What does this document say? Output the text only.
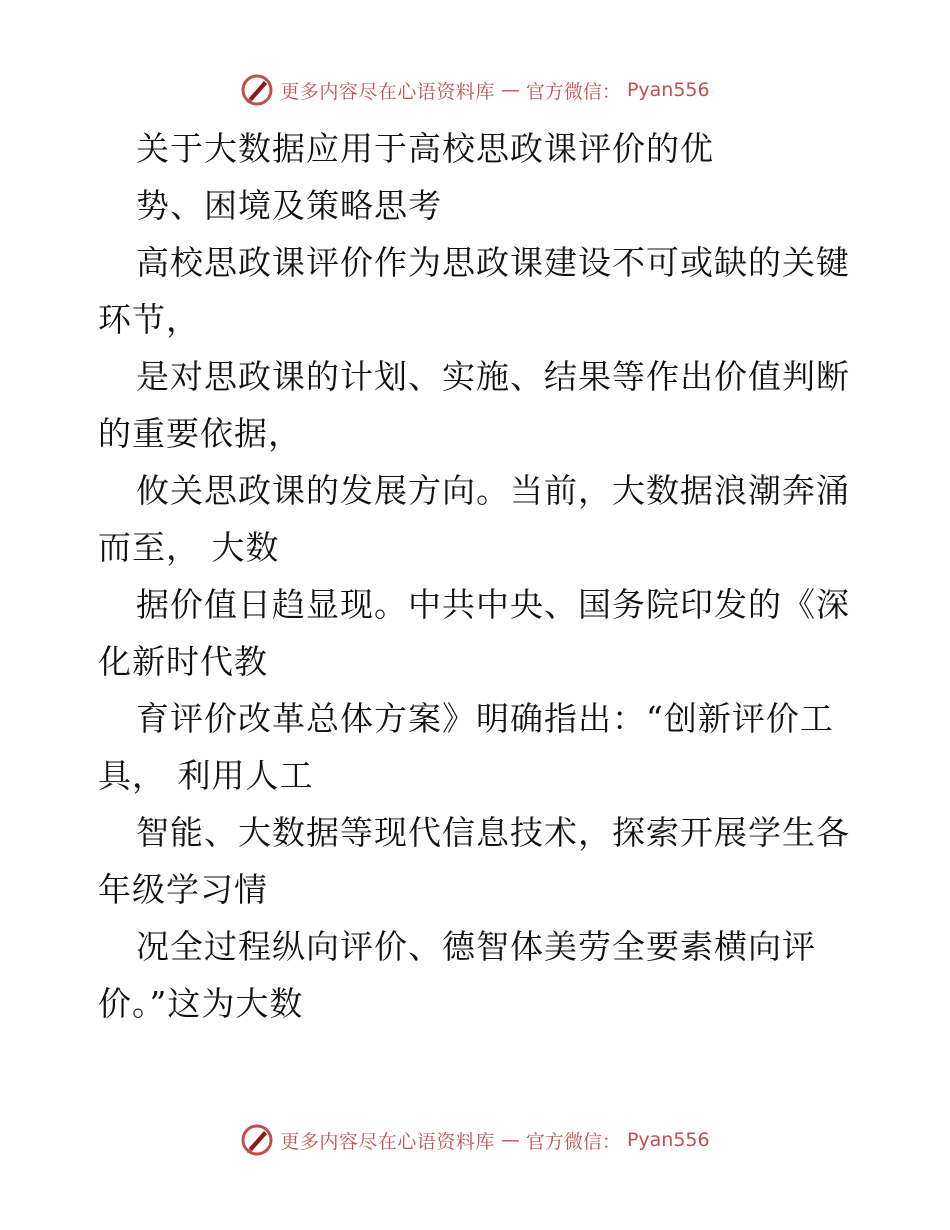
更多内容尽在心语资料库 — 官方微信： Pyan556
关于大数据应用于高校思政课评价的优
势、困境及策略思考
高校思政课评价作为思政课建设不可或缺的关键
环节，
是对思政课的计划、实施、结果等作出价值判断
的重要依据，
攸关思政课的发展方向。当前，大数据浪潮奔涌
而至， 大数
据价值日趋显现。中共中央、国务院印发的《深
化新时代教
育评价改革总体方案》明确指出：“创新评价工
具， 利用人工
智能、大数据等现代信息技术，探索开展学生各
年级学习情
况全过程纵向评价、德智体美劳全要素横向评
价。”这为大数
更多内容尽在心语资料库 — 官方微信： Pyan556
